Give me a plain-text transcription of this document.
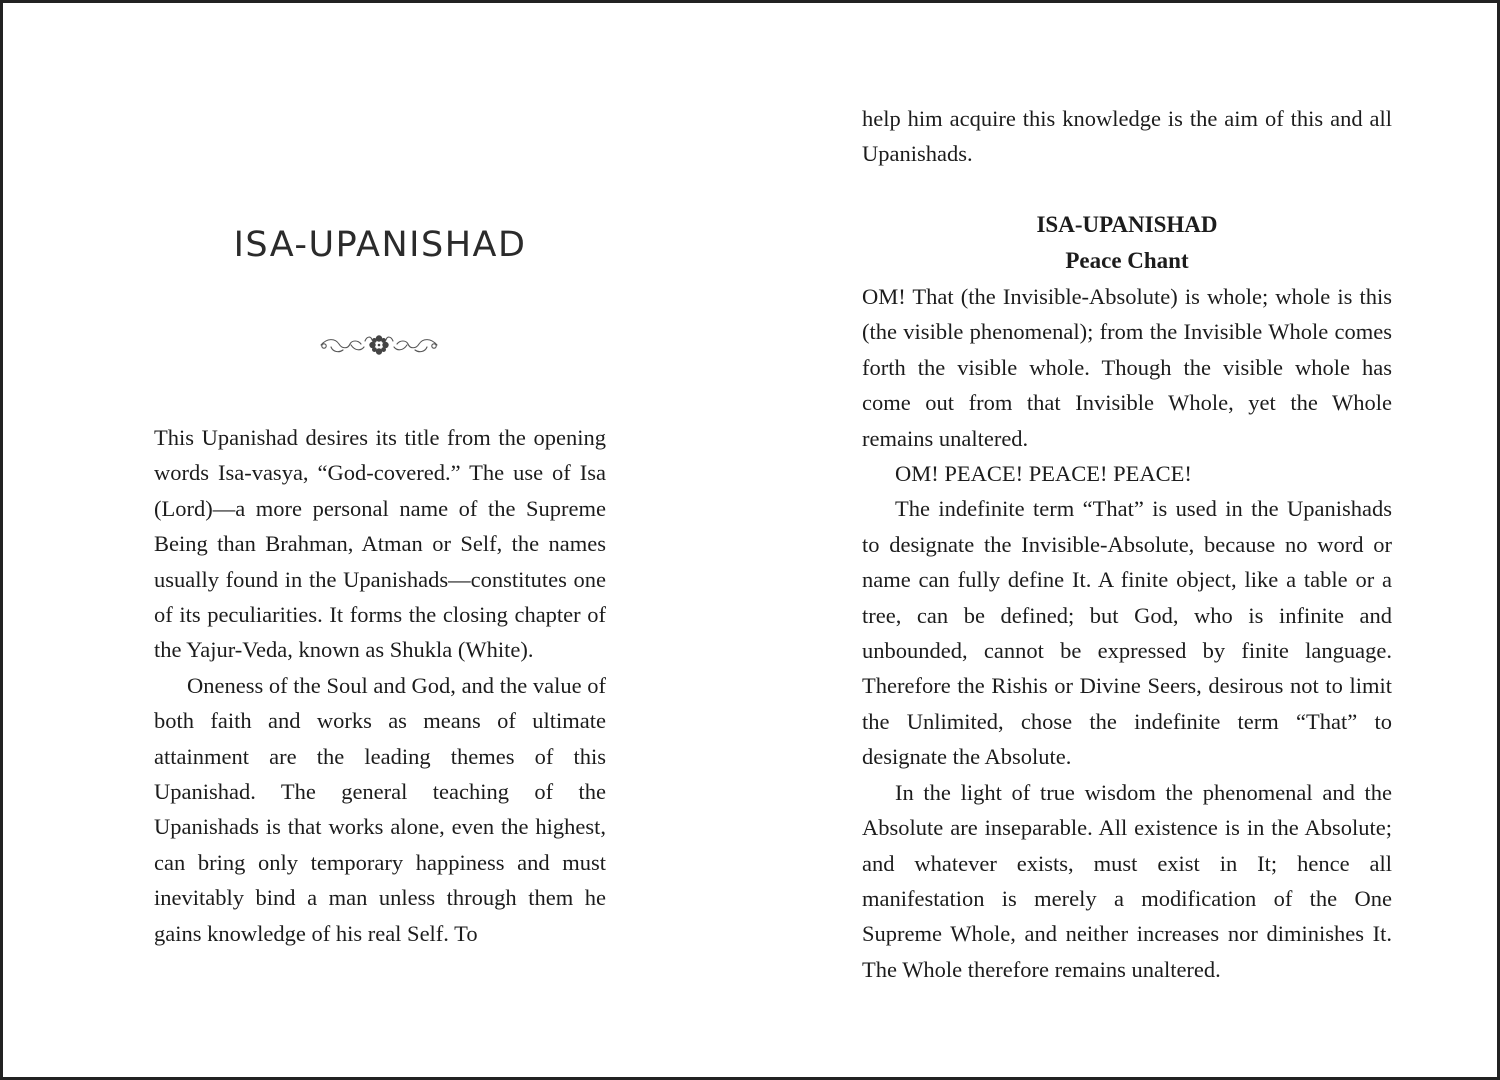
ISA-UPANISHAD

This Upanishad desires its title from the opening words Isa-vasya, “God-covered.” The use of Isa (Lord)—a more personal name of the Supreme Being than Brahman, Atman or Self, the names usually found in the Upanishads—constitutes one of its peculiarities. It forms the closing chapter of the Yajur-Veda, known as Shukla (White).

Oneness of the Soul and God, and the value of both faith and works as means of ultimate attainment are the leading themes of this Upanishad. The general teaching of the Upanishads is that works alone, even the highest, can bring only temporary happiness and must inevitably bind a man unless through them he gains knowledge of his real Self. To

help him acquire this knowledge is the aim of this and all Upanishads.

ISA-UPANISHAD

Peace Chant

OM! That (the Invisible-Absolute) is whole; whole is this (the visible phenomenal); from the Invisible Whole comes forth the visible whole. Though the visible whole has come out from that Invisible Whole, yet the Whole remains unaltered.

OM! PEACE! PEACE! PEACE!

The indefinite term “That” is used in the Upanishads to designate the Invisible-Absolute, because no word or name can fully define It. A finite object, like a table or a tree, can be defined; but God, who is infinite and unbounded, cannot be expressed by finite language. Therefore the Rishis or Divine Seers, desirous not to limit the Unlimited, chose the indefinite term “That” to designate the Absolute.

In the light of true wisdom the phenomenal and the Absolute are inseparable. All existence is in the Absolute; and whatever exists, must exist in It; hence all manifestation is merely a modification of the One Supreme Whole, and neither increases nor diminishes It. The Whole therefore remains unaltered.
